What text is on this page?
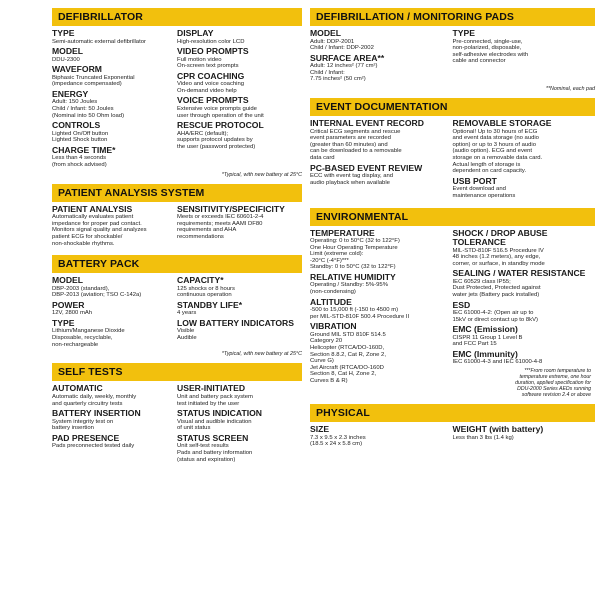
DEFIBRILLATOR
TYPE
Semi-automatic external defibrillator
MODEL
DDU-2300
WAVEFORM
Biphasic Truncated Exponential
(impedance compensated)
ENERGY
Adult: 150 Joules
Child / Infant: 50 Joules
(Nominal into 50 Ohm load)
CONTROLS
Lighted On/Off button
Lighted Shock button
CHARGE TIME*
Less than 4 seconds
(from shock advised)
DISPLAY
High-resolution color LCD
VIDEO PROMPTS
Full motion video
On-screen text prompts
CPR COACHING
Video and voice coaching
On-demand video help
VOICE PROMPTS
Extensive voice prompts guide
user through operation of the unit
RESCUE PROTOCOL
AHA/ERC (default);
supports protocol updates by
the user (password protected)
*Typical, with new battery at 25°C
PATIENT ANALYSIS SYSTEM
PATIENT ANALYSIS
Automatically evaluates patient
impedance for proper pad contact.
Monitors signal quality and analyzes
patient ECG for shockable/
non-shockable rhythms.
SENSITIVITY/SPECIFICITY
Meets or exceeds IEC 60601-2-4
requirements; meets AAMI DF80
requirements and AHA
recommendations
BATTERY PACK
MODEL
DBP-2003 (standard),
DBP-2013 (aviation; TSO C-142a)
POWER
12V, 2800 mAh
TYPE
Lithium/Manganese Dioxide
Disposable, recyclable,
non-rechargeable
CAPACITY*
125 shocks or 8 hours
continuous operation
STANDBY LIFE*
4 years
LOW BATTERY INDICATORS
Visible
Audible
*Typical, with new battery at 25°C
SELF TESTS
AUTOMATIC
Automatic daily, weekly, monthly
and quarterly circuitry tests
BATTERY INSERTION
System integrity test on
battery insertion
PAD PRESENCE
Pads preconnected tested daily
USER-INITIATED
Unit and battery pack system
test initiated by the user
STATUS INDICATION
Visual and audible indication
of unit status
STATUS SCREEN
Unit self-test results
Pads and battery information
(status and expiration)
DEFIBRILLATION / MONITORING PADS
MODEL
Adult: DDP-2001
Child / Infant: DDP-2002
SURFACE AREA**
Adult: 12 inches² (77 cm²)
Child / Infant:
7.75 inches² (50 cm²)
TYPE
Pre-connected, single-use,
non-polarized, disposable,
self-adhesive electrodes with
cable and connector
**Nominal, each pad
EVENT DOCUMENTATION
INTERNAL EVENT RECORD
Critical ECG segments and rescue
event parameters are recorded
(greater than 60 minutes) and
can be downloaded to a removable
data card
PC-BASED EVENT REVIEW
ECC with event tag display, and
audio playback when available
REMOVABLE STORAGE
Optional! Up to 30 hours of ECG
and event data storage (no audio
option) or up to 3 hours of audio
(audio option). ECG and event
storage on a removable data card.
Actual length of storage is
dependent on card capacity.
USB PORT
Event download and
maintenance operations
ENVIRONMENTAL
TEMPERATURE
Operating: 0 to 50°C (32 to 122°F)
One Hour Operating Temperature
Limit (extreme cold):
-20°C (-4°F)***
Standby: 0 to 50°C (32 to 122°F)
RELATIVE HUMIDITY
Operating / Standby: 5%-95%
(non-condensing)
ALTITUDE
-500 to 15,000 ft (-150 to 4500 m)
per MIL-STD-810F 500.4 Procedure II
VIBRATION
Ground MIL STD 810F 514.5
Category 20
Helicopter (RTCA/DO-160D,
Section 8.8.2, Cat R, Zone 2,
Curve G)
Jet Aircraft (RTCA/DO-160D
Section 8, Cat H, Zone 2,
Curves B & R)
SHOCK / DROP ABUSE TOLERANCE
MIL-STD-810F 516.5 Procedure IV
48 inches (1.2 meters), any edge,
corner, or surface, in standby mode
SEALING / WATER RESISTANCE
IEC 60529 class IP55;
Dust Protected, Protected against
water jets (Battery pack installed)
ESD
IEC 61000-4-2: (Open air up to
15kV or direct contact up to 8kV)
EMC (Emission)
CISPR 11 Group 1 Level B
and FCC Part 15
EMC (Immunity)
IEC 61000-4-3 and IEC 61000-4-8
***From room temperature to
temperature extreme, one hour
duration, applied specification for
DDU-2000 Series AEDs running
software revision 2.4 or above
PHYSICAL
SIZE
7.3 x 9.5 x 2.3 inches
(18.5 x 24 x 5.8 cm)
WEIGHT (with battery)
Less than 3 lbs (1.4 kg)
